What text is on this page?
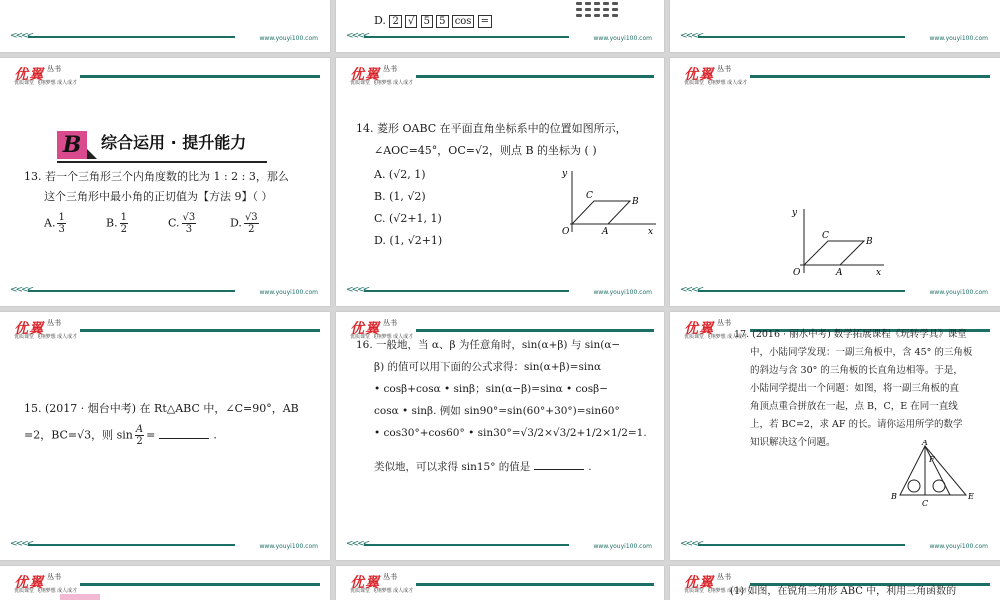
<<<<	www.youyi100.com
D. 2 √ 5 5 cos =
<<<<	www.youyi100.com	<<<<	www.youyi100.com
优翼 $^{丛书}$
优质课堂 飞翔梦想 成人成才
B 综合运用 · 提升能力
13. 若一个三角形三个内角度数的比为 1 : 2 : 3，那么
这个三角形中最小角的正切值为【方法 9】（ ）
A. $\frac{1}{3}$	B. $\frac{1}{2}$	C. $\frac{√3}{3}$	D. $\frac{√3}{2}$
<<<<	www.youyi100.com
优翼 $^{丛书}$
优质课堂 飞翔梦想 成人成才
14. 菱形 OABC 在平面直角坐标系中的位置如图所示，
∠AOC=45°，OC=√2，则点 B 的坐标为 ( )
A. (√2, 1)
B. (1, √2)
C. (√2+1, 1)
D. (1, √2+1)
y
x
O	A
B
C
<<<<	www.youyi100.com
优翼 $^{丛书}$
优质课堂 飞翔梦想 成人成才
y
x
O	A
B
C
<<<<	www.youyi100.com
优翼 $^{丛书}$
优质课堂 飞翔梦想 成人成才
15. (2017 · 烟台中考) 在 Rt△ABC 中，∠C=90°，AB
=2，BC=√3，则 $\sin \frac{A}{2}$ =	.
<<<<	www.youyi100.com
优翼 $^{丛书}$
优质课堂 飞翔梦想 成人成才
16. 一般地，当 α、β 为任意角时，sin(α+β) 与 sin(α−
β) 的值可以用下面的公式求得：sin(α+β)=sinα
• cosβ+cosα • sinβ；sin(α−β)=sinα • cosβ−
cosα • sinβ. 例如 sin90°=sin(60°+30°)=sin60°
• cos30°+cos60° • sin30°=√3/2×√3/2+1/2×1/2=1.
类似地，可以求得 sin15° 的值是	.
<<<<	www.youyi100.com
优翼 $^{丛书}$
优质课堂 飞翔梦想 成人成才
17. (2016 · 丽水中考) 数学拓展课程《玩转学具》课堂
中，小陆同学发现：一副三角板中，含 45° 的三角板
的斜边与含 30° 的三角板的长直角边相等。于是，
小陆同学提出一个问题：如图，将一副三角板的直
角顶点重合拼放在一起，点 B，C，E 在同一直线
上，若 BC=2，求 AF 的长。请你运用所学的数学
知识解决这个问题。	A
F
B
C
E
<<<<	www.youyi100.com
优翼 $^{丛书}$
优质课堂 飞翔梦想 成人成才	优翼 $^{丛书}$
优质课堂 飞翔梦想 成人成才	优翼 $^{丛书}$
优质课堂 飞翔梦想 成人成才
(1) 如图，在锐角三角形 ABC 中，利用三角函数的
